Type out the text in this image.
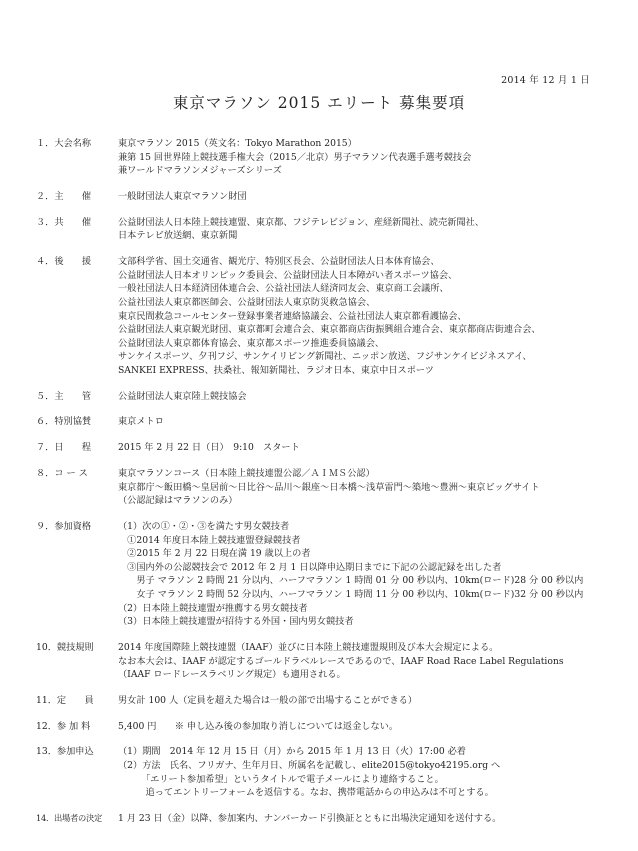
2014 年 12 月 1 日
東京マラソン 2015 エリート 募集要項
１．大会名称	東京マラソン 2015（英文名：Tokyo Marathon 2015）
兼第 15 回世界陸上競技選手権大会（2015／北京）男子マラソン代表選手選考競技会
兼ワールドマラソンメジャーズシリーズ
２．主　　催	一般財団法人東京マラソン財団
３．共　　催	公益財団法人日本陸上競技連盟、東京都、フジテレビジョン、産経新聞社、読売新聞社、
日本テレビ放送網、東京新聞
４．後　　援	文部科学省、国土交通省、観光庁、特別区長会、公益財団法人日本体育協会、
公益財団法人日本オリンピック委員会、公益財団法人日本障がい者スポーツ協会、
一般社団法人日本経済団体連合会、公益社団法人経済同友会、東京商工会議所、
公益社団法人東京都医師会、公益財団法人東京防災救急協会、
東京民間救急コールセンター登録事業者連絡協議会、公益社団法人東京都看護協会、
公益財団法人東京観光財団、東京都町会連合会、東京都商店街振興組合連合会、東京都商店街連合会、
公益財団法人東京都体育協会、東京都スポーツ推進委員協議会、
サンケイスポーツ、夕刊フジ、サンケイリビング新聞社、ニッポン放送、フジサンケイビジネスアイ、
SANKEI EXPRESS、扶桑社、報知新聞社、ラジオ日本、東京中日スポーツ
５．主　　管	公益財団法人東京陸上競技協会
６．特別協賛	東京メトロ
７．日　　程	2015 年 2 月 22 日（日）　9:10　スタート
８．コ ー ス	東京マラソンコース（日本陸上競技連盟公認／ＡＩＭＳ公認）
東京都庁～飯田橋～皇居前～日比谷～品川～銀座～日本橋～浅草雷門～築地～豊洲～東京ビッグサイト
（公認記録はマラソンのみ）
９．参加資格	（1）次の①・②・③を満たす男女競技者
　①2014 年度日本陸上競技連盟登録競技者
　②2015 年 2 月 22 日現在満 19 歳以上の者
　③国内外の公認競技会で 2012 年 2 月 1 日以降申込期日までに下記の公認記録を出した者
　　男子 マラソン 2 時間 21 分以内、ハーフマラソン 1 時間 01 分 00 秒以内、10km(ロード)28 分 00 秒以内
　　女子 マラソン 2 時間 52 分以内、ハーフマラソン 1 時間 11 分 00 秒以内、10km(ロード)32 分 00 秒以内
（2）日本陸上競技連盟が推薦する男女競技者
（3）日本陸上競技連盟が招待する外国・国内男女競技者
10．競技規則	2014 年度国際陸上競技連盟（IAAF）並びに日本陸上競技連盟規則及び本大会規定による。
なお本大会は、IAAF が認定するゴールドラベルレースであるので、IAAF Road Race Label Regulations
（IAAF ロードレースラベリング規定）も適用される。
11．定　　員	男女計 100 人（定員を超えた場合は一般の部で出場することができる）
12．参 加 料	5,400 円　　※ 申し込み後の参加取り消しについては返金しない。
13．参加申込	（1）期間　2014 年 12 月 15 日（月）から 2015 年 1 月 13 日（火）17:00 必着
（2）方法　氏名、フリガナ、生年月日、所属名を記載し、elite2015@tokyo42195.org へ
　　　「エリート参加希望」というタイトルで電子メールにより連絡すること。
　　　追ってエントリーフォームを返信する。なお、携帯電話からの申込みは不可とする。
14．出場者の決定	1 月 23 日（金）以降、参加案内、ナンバーカード引換証とともに出場決定通知を送付する。
